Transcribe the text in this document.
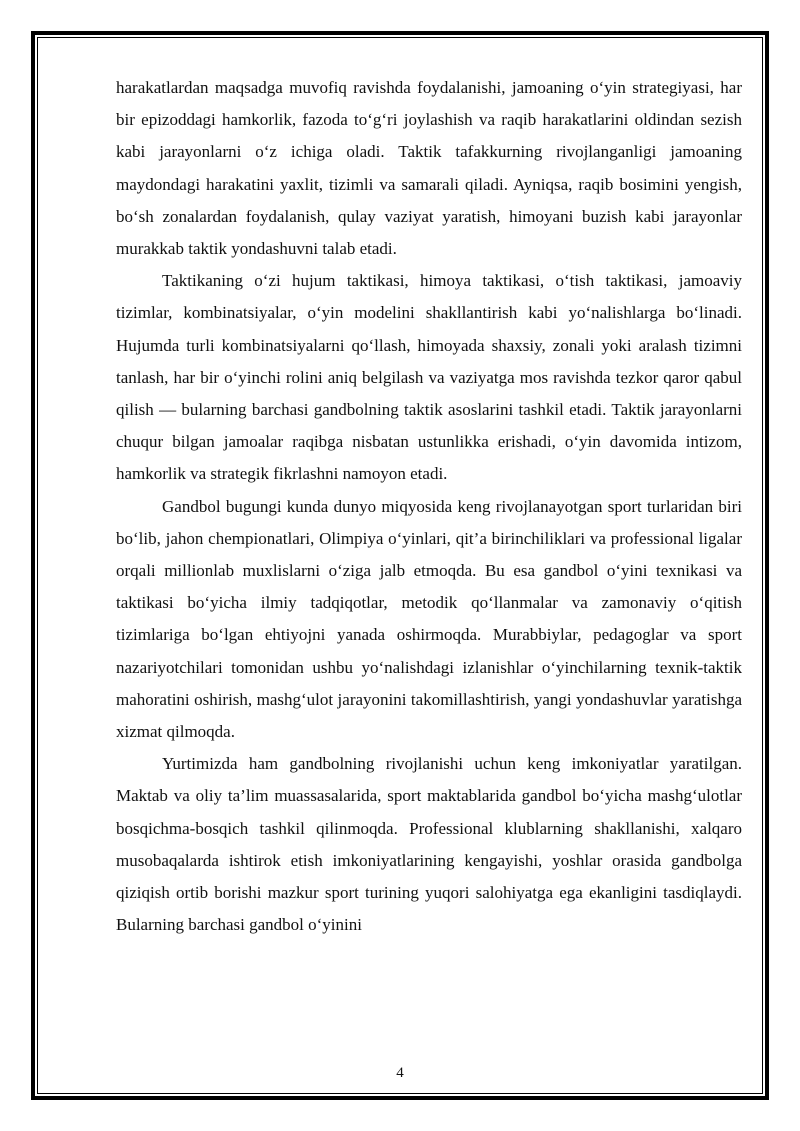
harakatlardan maqsadga muvofiq ravishda foydalanishi, jamoaning o‘yin strategiyasi, har bir epizoddagi hamkorlik, fazoda to‘g‘ri joylashish va raqib harakatlarini oldindan sezish kabi jarayonlarni o‘z ichiga oladi. Taktik tafakkurning rivojlanganligi jamoaning maydondagi harakatini yaxlit, tizimli va samarali qiladi. Ayniqsa, raqib bosimini yengish, bo‘sh zonalardan foydalanish, qulay vaziyat yaratish, himoyani buzish kabi jarayonlar murakkab taktik yondashuvni talab etadi.

Taktikaning o‘zi hujum taktikasi, himoya taktikasi, o‘tish taktikasi, jamoaviy tizimlar, kombinatsiyalar, o‘yin modelini shakllantirish kabi yo‘nalishlarga bo‘linadi. Hujumda turli kombinatsiyalarni qo‘llash, himoyada shaxsiy, zonali yoki aralash tizimni tanlash, har bir o‘yinchi rolini aniq belgilash va vaziyatga mos ravishda tezkor qaror qabul qilish — bularning barchasi gandbolning taktik asoslarini tashkil etadi. Taktik jarayonlarni chuqur bilgan jamoalar raqibga nisbatan ustunlikka erishadi, o‘yin davomida intizom, hamkorlik va strategik fikrlashni namoyon etadi.

Gandbol bugungi kunda dunyo miqyosida keng rivojlanayotgan sport turlaridan biri bo‘lib, jahon chempionatlari, Olimpiya o‘yinlari, qit’a birinchiliklari va professional ligalar orqali millionlab muxlislarni o‘ziga jalb etmoqda. Bu esa gandbol o‘yini texnikasi va taktikasi bo‘yicha ilmiy tadqiqotlar, metodik qo‘llanmalar va zamonaviy o‘qitish tizimlariga bo‘lgan ehtiyojni yanada oshirmoqda. Murabbiylar, pedagoglar va sport nazariyotchilari tomonidan ushbu yo‘nalishdagi izlanishlar o‘yinchilarning texnik-taktik mahoratini oshirish, mashg‘ulot jarayonini takomillashtirish, yangi yondashuvlar yaratishga xizmat qilmoqda.

Yurtimizda ham gandbolning rivojlanishi uchun keng imkoniyatlar yaratilgan. Maktab va oliy ta’lim muassasalarida, sport maktablarida gandbol bo‘yicha mashg‘ulotlar bosqichma-bosqich tashkil qilinmoqda. Professional klublarning shakllanishi, xalqaro musobaqalarda ishtirok etish imkoniyatlarining kengayishi, yoshlar orasida gandbolga qiziqish ortib borishi mazkur sport turining yuqori salohiyatga ega ekanligini tasdiqlaydi. Bularning barchasi gandbol o‘yinini

4
